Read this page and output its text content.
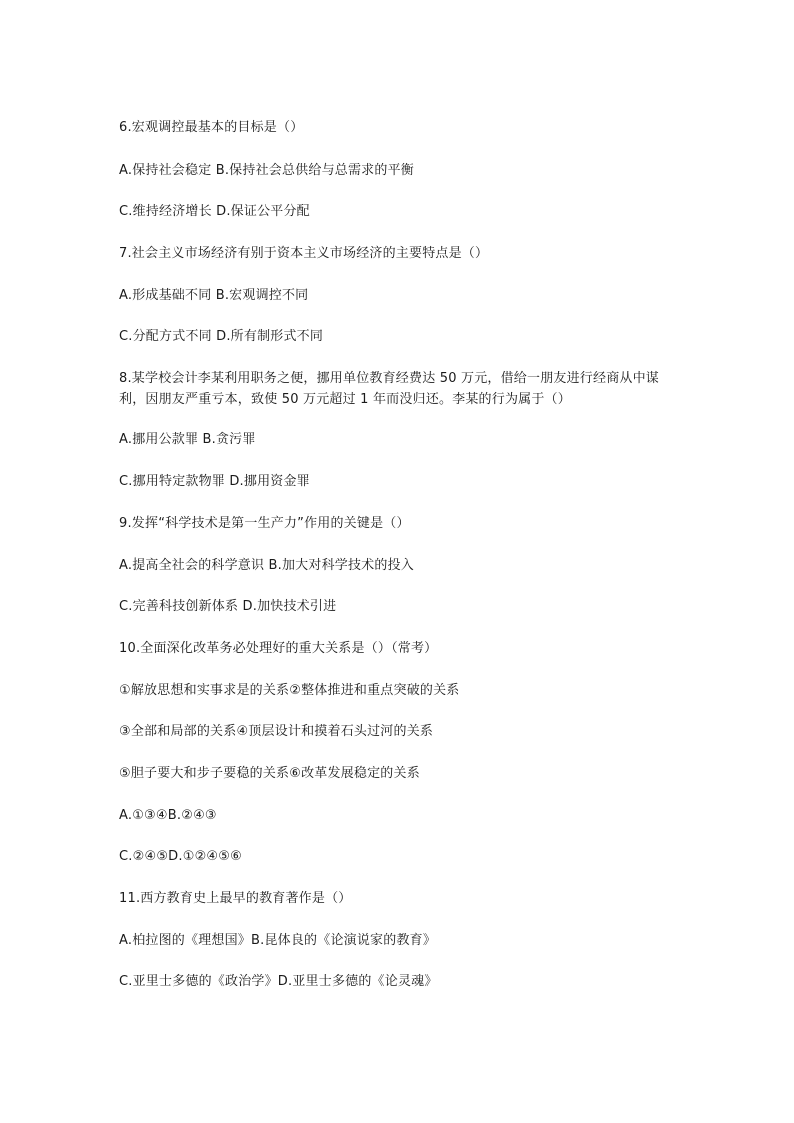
6.宏观调控最基本的目标是（）
A.保持社会稳定 B.保持社会总供给与总需求的平衡
C.维持经济增长 D.保证公平分配
7.社会主义市场经济有别于资本主义市场经济的主要特点是（）
A.形成基础不同 B.宏观调控不同
C.分配方式不同 D.所有制形式不同
8.某学校会计李某利用职务之便，挪用单位教育经费达 50 万元，借给一朋友进行经商从中谋利，因朋友严重亏本，致使 50 万元超过 1 年而没归还。李某的行为属于（）
A.挪用公款罪 B.贪污罪
C.挪用特定款物罪 D.挪用资金罪
9.发挥“科学技术是第一生产力”作用的关键是（）
A.提高全社会的科学意识 B.加大对科学技术的投入
C.完善科技创新体系 D.加快技术引进
10.全面深化改革务必处理好的重大关系是（）（常考）
①解放思想和实事求是的关系②整体推进和重点突破的关系
③全部和局部的关系④顶层设计和摸着石头过河的关系
⑤胆子要大和步子要稳的关系⑥改革发展稳定的关系
A.①③④B.②④③
C.②④⑤D.①②④⑤⑥
11.西方教育史上最早的教育著作是（）
A.柏拉图的《理想国》B.昆体良的《论演说家的教育》
C.亚里士多德的《政治学》D.亚里士多德的《论灵魂》
